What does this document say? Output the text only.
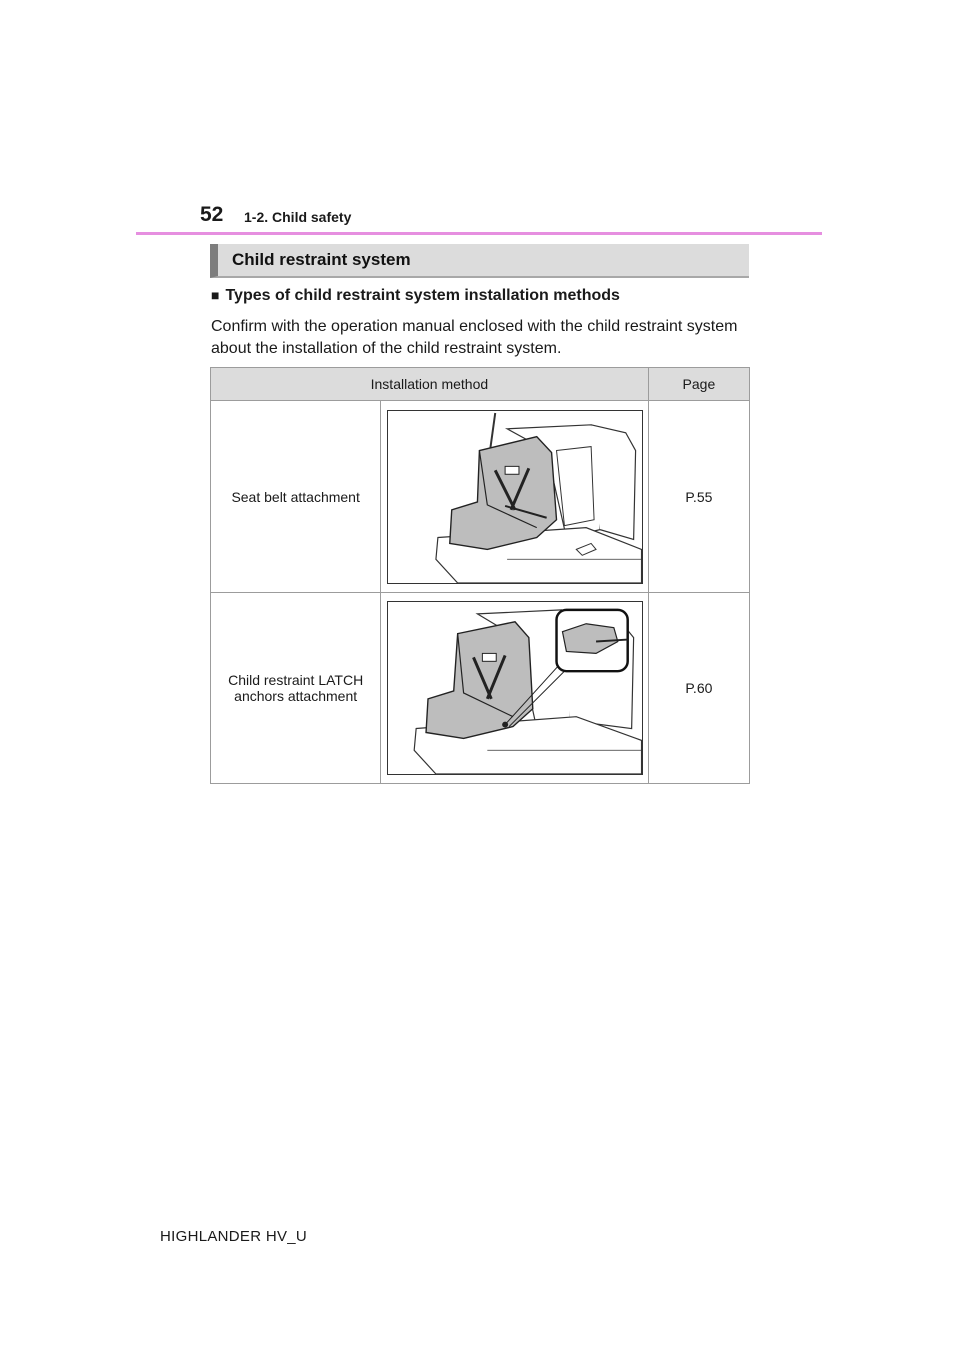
52 1-2. Child safety
Child restraint system
■ Types of child restraint system installation methods
Confirm with the operation manual enclosed with the child restraint system about the installation of the child restraint system.
Installation method		Page
Seat belt attachment		P.55
Child restraint LATCH anchors attachment		P.60
HIGHLANDER HV_U
